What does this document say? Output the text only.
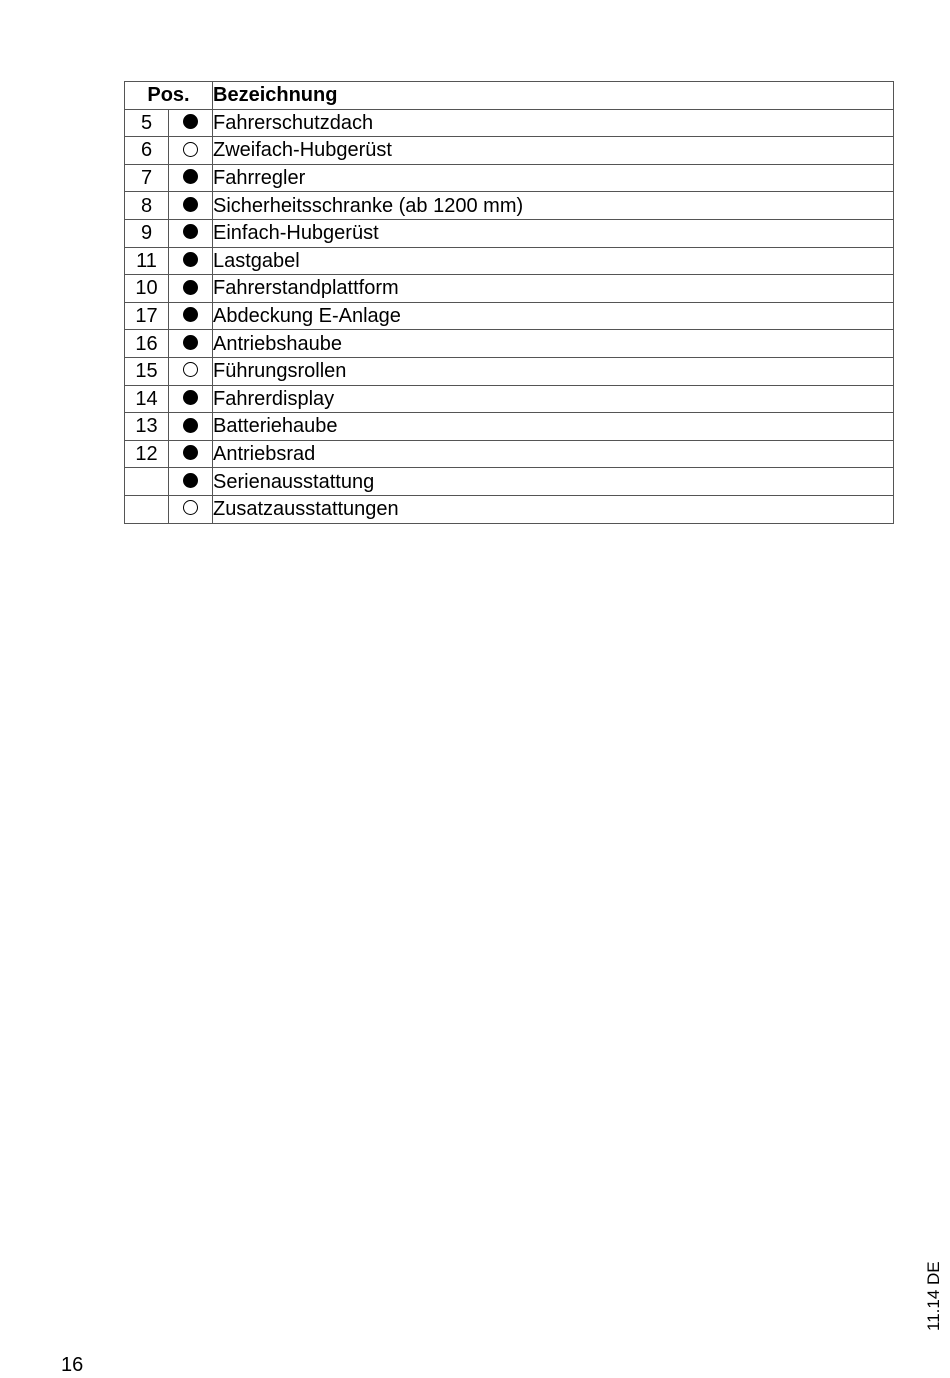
Pos.		Bezeichnung
5		Fahrerschutzdach
6		Zweifach-Hubgerüst
7		Fahrregler
8		Sicherheitsschranke (ab 1200 mm)
9		Einfach-Hubgerüst
11		Lastgabel
10		Fahrerstandplattform
17		Abdeckung E-Anlage
16		Antriebshaube
15		Führungsrollen
14		Fahrerdisplay
13		Batteriehaube
12		Antriebsrad
		Serienausstattung
		Zusatzausstattungen
16
11.14 DE
